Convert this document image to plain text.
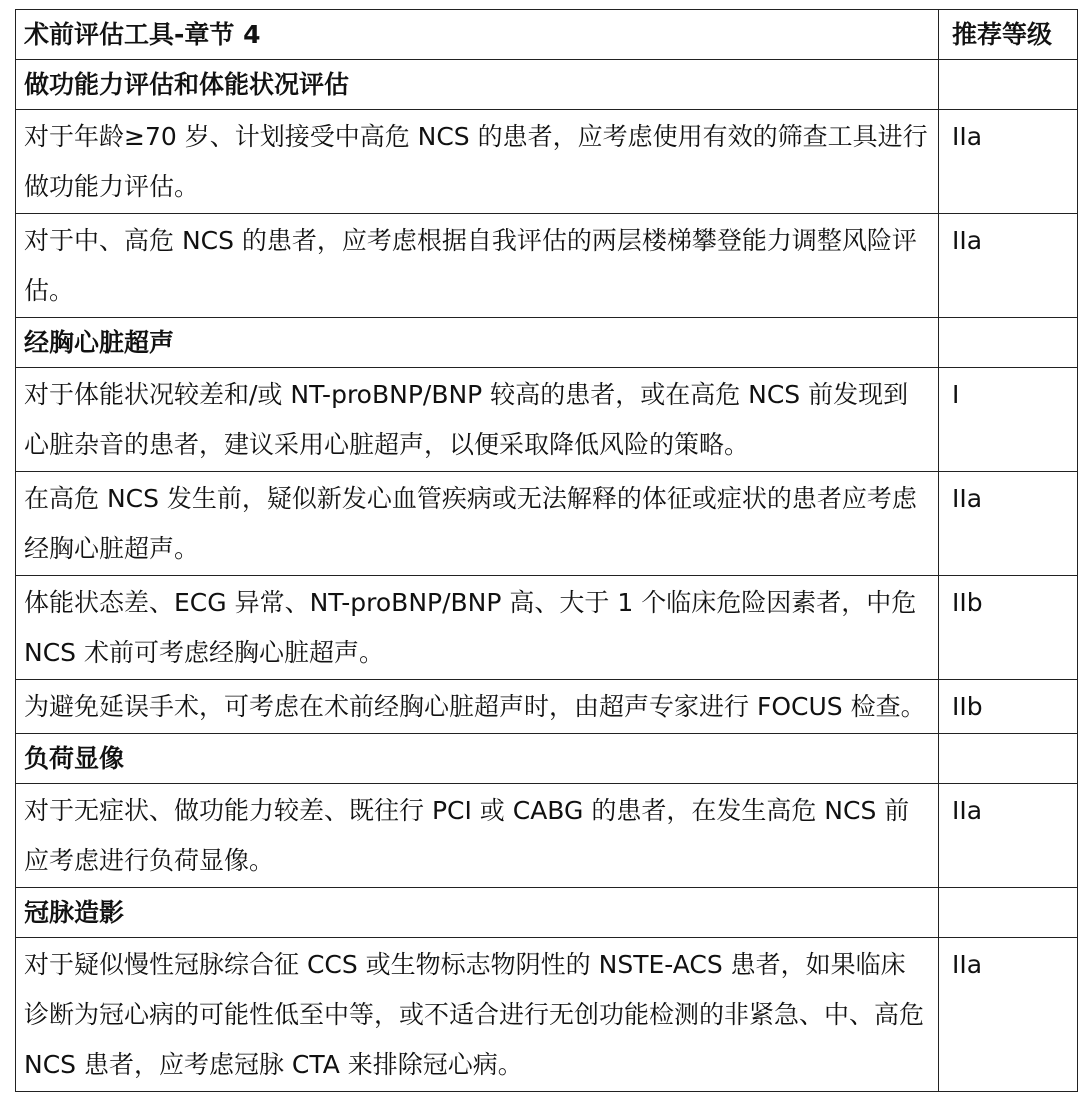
术前评估工具-章节 4	推荐等级
做功能力评估和体能状况评估	
对于年龄≥70 岁、计划接受中高危 NCS 的患者，应考虑使用有效的筛查工具进行做功能力评估。	IIa
对于中、高危 NCS 的患者，应考虑根据自我评估的两层楼梯攀登能力调整风险评估。	IIa
经胸心脏超声	
对于体能状况较差和/或 NT-proBNP/BNP 较高的患者，或在高危 NCS 前发现到心脏杂音的患者，建议采用心脏超声，以便采取降低风险的策略。	I
在高危 NCS 发生前，疑似新发心血管疾病或无法解释的体征或症状的患者应考虑经胸心脏超声。	IIa
体能状态差、ECG 异常、NT-proBNP/BNP 高、大于 1 个临床危险因素者，中危 NCS 术前可考虑经胸心脏超声。	IIb
为避免延误手术，可考虑在术前经胸心脏超声时，由超声专家进行 FOCUS 检查。	IIb
负荷显像	
对于无症状、做功能力较差、既往行 PCI 或 CABG 的患者，在发生高危 NCS 前应考虑进行负荷显像。	IIa
冠脉造影	
对于疑似慢性冠脉综合征 CCS 或生物标志物阴性的 NSTE-ACS 患者，如果临床诊断为冠心病的可能性低至中等，或不适合进行无创功能检测的非紧急、中、高危 NCS 患者，应考虑冠脉 CTA 来排除冠心病。	IIa
